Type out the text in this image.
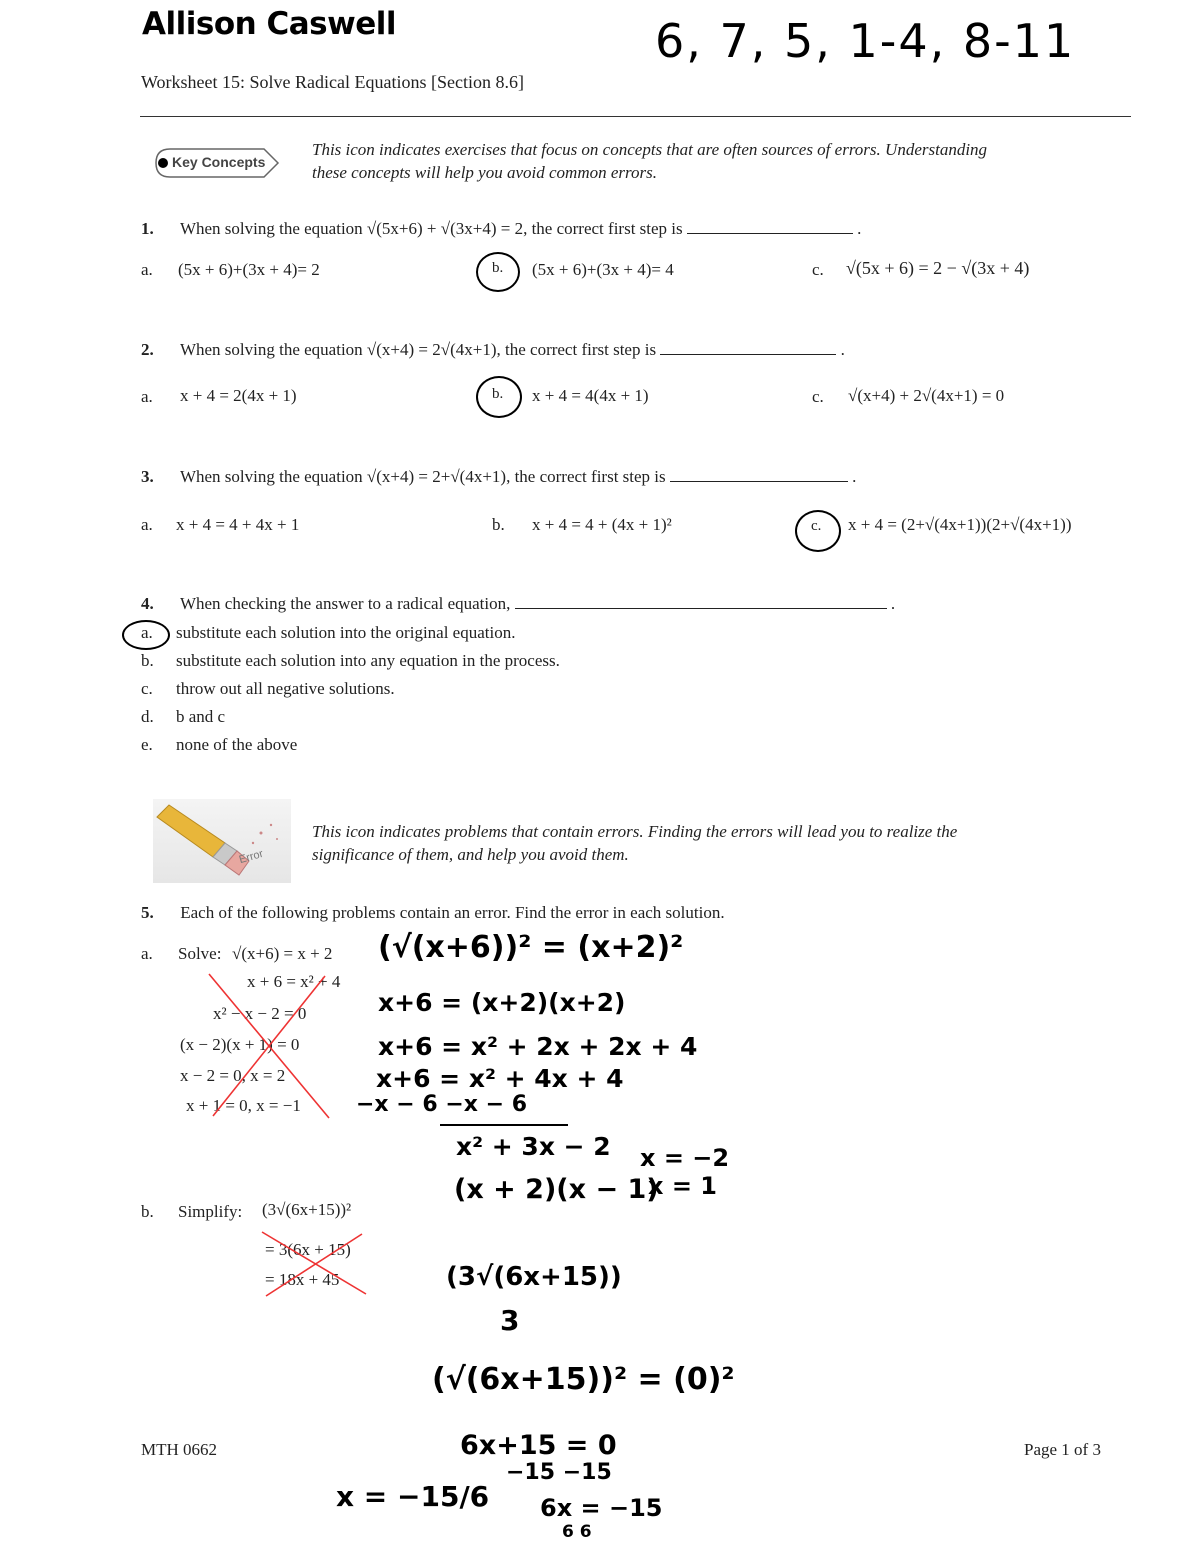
Allison Caswell	6, 7, 5, 1-4, 8-11
Worksheet 15: Solve Radical Equations [Section 8.6]
Key Concepts
This icon indicates exercises that focus on concepts that are often sources of errors. Understanding
these concepts will help you avoid common errors.
1. When solving the equation √(5x+6) + √(3x+4) = 2, the correct first step is	.
a. (5x + 6)+(3x + 4)= 2	b. (5x + 6)+(3x + 4)= 4	c. √(5x + 6) = 2 − √(3x + 4)
2. When solving the equation √(x+4) = 2√(4x+1), the correct first step is	.
a. x + 4 = 2(4x + 1)	b. x + 4 = 4(4x + 1)	c. √(x+4) + 2√(4x+1) = 0
3. When solving the equation √(x+4) = 2+√(4x+1), the correct first step is	.
a. x + 4 = 4 + 4x + 1	b. x + 4 = 4 + (4x + 1)²	c. x + 4 = (2+√(4x+1))(2+√(4x+1))
4. When checking the answer to a radical equation,	.
a. substitute each solution into the original equation.
b. substitute each solution into any equation in the process.
c. throw out all negative solutions.
d. b and c
e. none of the above
Error
This icon indicates problems that contain errors. Finding the errors will lead you to realize the
significance of them, and help you avoid them.
5. Each of the following problems contain an error. Find the error in each solution.
a. Solve: √(x+6) = x + 2
x + 6 = x² + 4
x² − x − 2 = 0
(x − 2)(x + 1) = 0
x − 2 = 0, x = 2
x + 1 = 0, x = −1
(√(x+6))² = (x+2)²
x+6 = (x+2)(x+2)
x+6 = x² + 2x + 2x + 4
x+6 = x² + 4x + 4
−x − 6 −x − 6
x² + 3x − 2
(x + 2)(x − 1)
x = −2
x = 1
b. Simplify: (3√(6x+15))²
= 3(6x + 15)
= 18x + 45	(3√(6x+15))
3
(√(6x+15))² = (0)²
6x+15 = 0
−15 −15
6x = −15
6 6
x = −15/6
MTH 0662	Page 1 of 3
